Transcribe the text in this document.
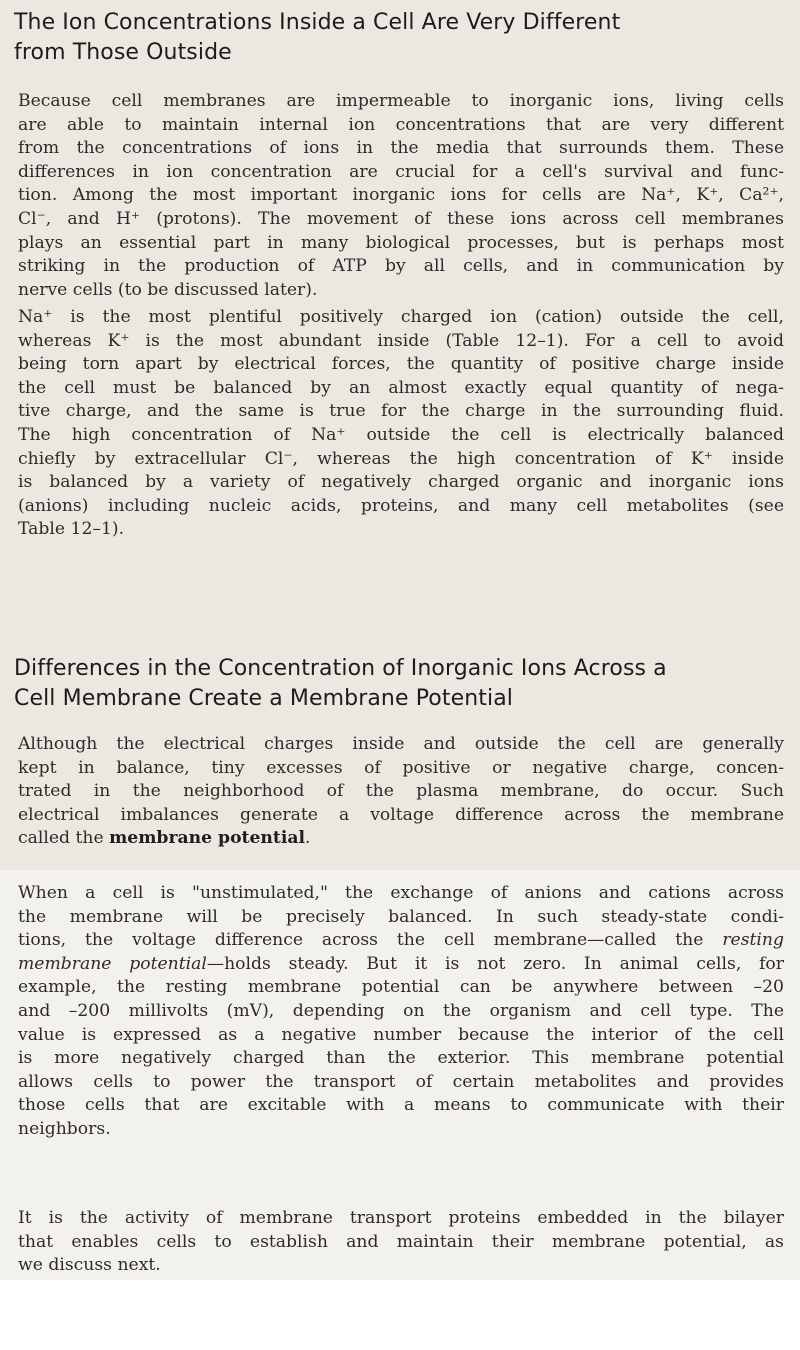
The Ion Concentrations Inside a Cell Are Very Different
from Those Outside
Because cell membranes are impermeable to inorganic ions, living cells
are able to maintain internal ion concentrations that are very different
from the concentrations of ions in the media that surrounds them. These
differences in ion concentration are crucial for a cell's survival and func-
tion. Among the most important inorganic ions for cells are Na⁺, K⁺, Ca²⁺,
Cl⁻, and H⁺ (protons). The movement of these ions across cell membranes
plays an essential part in many biological processes, but is perhaps most
striking in the production of ATP by all cells, and in communication by
nerve cells (to be discussed later).
Na⁺ is the most plentiful positively charged ion (cation) outside the cell,
whereas K⁺ is the most abundant inside (Table 12–1). For a cell to avoid
being torn apart by electrical forces, the quantity of positive charge inside
the cell must be balanced by an almost exactly equal quantity of nega-
tive charge, and the same is true for the charge in the surrounding fluid.
The high concentration of Na⁺ outside the cell is electrically balanced
chiefly by extracellular Cl⁻, whereas the high concentration of K⁺ inside
is balanced by a variety of negatively charged organic and inorganic ions
(anions) including nucleic acids, proteins, and many cell metabolites (see
Table 12–1).
Differences in the Concentration of Inorganic Ions Across a
Cell Membrane Create a Membrane Potential
Although the electrical charges inside and outside the cell are generally
kept in balance, tiny excesses of positive or negative charge, concen-
trated in the neighborhood of the plasma membrane, do occur. Such
electrical imbalances generate a voltage difference across the membrane
called the membrane potential.
When a cell is "unstimulated," the exchange of anions and cations across
the membrane will be precisely balanced. In such steady-state condi-
tions, the voltage difference across the cell membrane—called the resting
membrane potential—holds steady. But it is not zero. In animal cells, for
example, the resting membrane potential can be anywhere between –20
and –200 millivolts (mV), depending on the organism and cell type. The
value is expressed as a negative number because the interior of the cell
is more negatively charged than the exterior. This membrane potential
allows cells to power the transport of certain metabolites and provides
those cells that are excitable with a means to communicate with their
neighbors.
It is the activity of membrane transport proteins embedded in the bilayer
that enables cells to establish and maintain their membrane potential, as
we discuss next.
